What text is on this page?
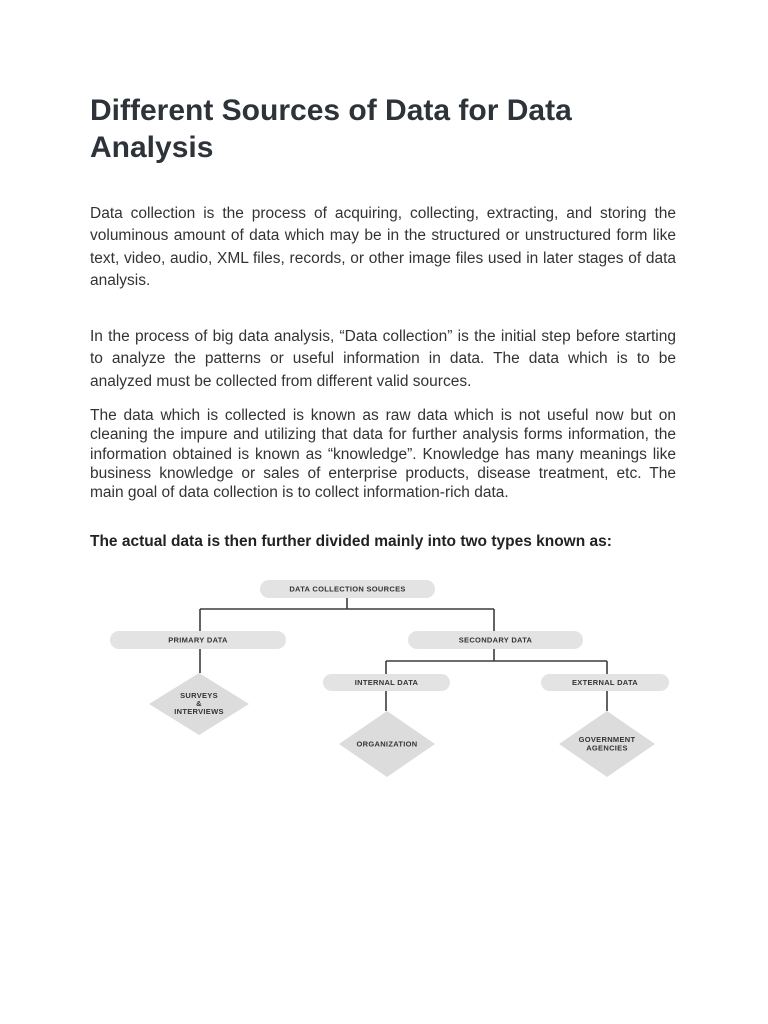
Different Sources of Data for Data Analysis

Data collection is the process of acquiring, collecting, extracting, and storing the voluminous amount of data which may be in the structured or unstructured form like text, video, audio, XML files, records, or other image files used in later stages of data analysis.

In the process of big data analysis, “Data collection” is the initial step before starting to analyze the patterns or useful information in data. The data which is to be analyzed must be collected from different valid sources.

The data which is collected is known as raw data which is not useful now but on cleaning the impure and utilizing that data for further analysis forms information, the information obtained is known as “knowledge”. Knowledge has many meanings like business knowledge or sales of enterprise products, disease treatment, etc. The main goal of data collection is to collect information-rich data.

The actual data is then further divided mainly into two types known as:

DATA COLLECTION SOURCES
PRIMARY DATA	SECONDARY DATA
INTERNAL DATA	EXTERNAL DATA
SURVEYS
&
INTERVIEWS
ORGANIZATION	GOVERNMENT
AGENCIES
